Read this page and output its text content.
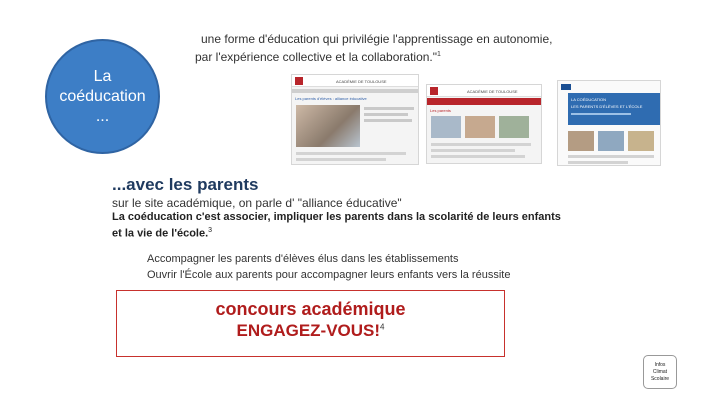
une forme d'éducation qui privilégie l'apprentissage en autonomie,
par l'expérience collective et la collaboration."$^1$
La
coéducation
...
ACADÉMIE DE TOULOUSE
Les parents d'élèves : alliance éducative
ACADÉMIE DE TOULOUSE
Les parents
LA COÉDUCATION
LES PARENTS D'ÉLÈVES ET L'ÉCOLE
...avec les parents
sur le site académique, on parle d' "alliance éducative"
La coéducation c'est associer, impliquer les parents dans la scolarité de leurs enfants
et la vie de l'école.$^3$
Accompagner les parents d'élèves élus dans les établissements
Ouvrir l'École aux parents pour accompagner leurs enfants vers la réussite
concours académique
ENGAGEZ-VOUS!$^4$
Infos
Climat
Scolaire
